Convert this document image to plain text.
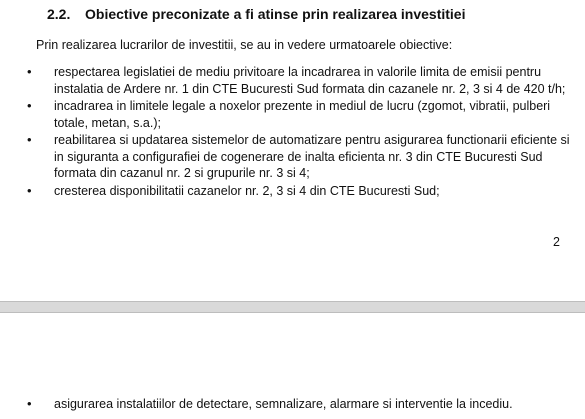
2.2. Obiective preconizate a fi atinse prin realizarea investitiei
Prin realizarea lucrarilor de investitii, se au in vedere urmatoarele obiective:
• respectarea legislatiei de mediu privitoare la incadrarea in valorile limita de emisii pentru instalatia de Ardere nr. 1 din CTE Bucuresti Sud formata din cazanele nr. 2, 3 si 4 de 420 t/h;
• incadrarea in limitele legale a noxelor prezente in mediul de lucru (zgomot, vibratii, pulberi totale, metan, s.a.);
• reabilitarea si updatarea sistemelor de automatizare pentru asigurarea functionarii eficiente si in siguranta a configurafiei de cogenerare de inalta eficienta nr. 3 din CTE Bucuresti Sud formata din cazanul nr. 2 si grupurile nr. 3 si 4;
• cresterea disponibilitatii cazanelor nr. 2, 3 si 4 din CTE Bucuresti Sud;
2
• asigurarea instalatiilor de detectare, semnalizare, alarmare si interventie la incediu.
